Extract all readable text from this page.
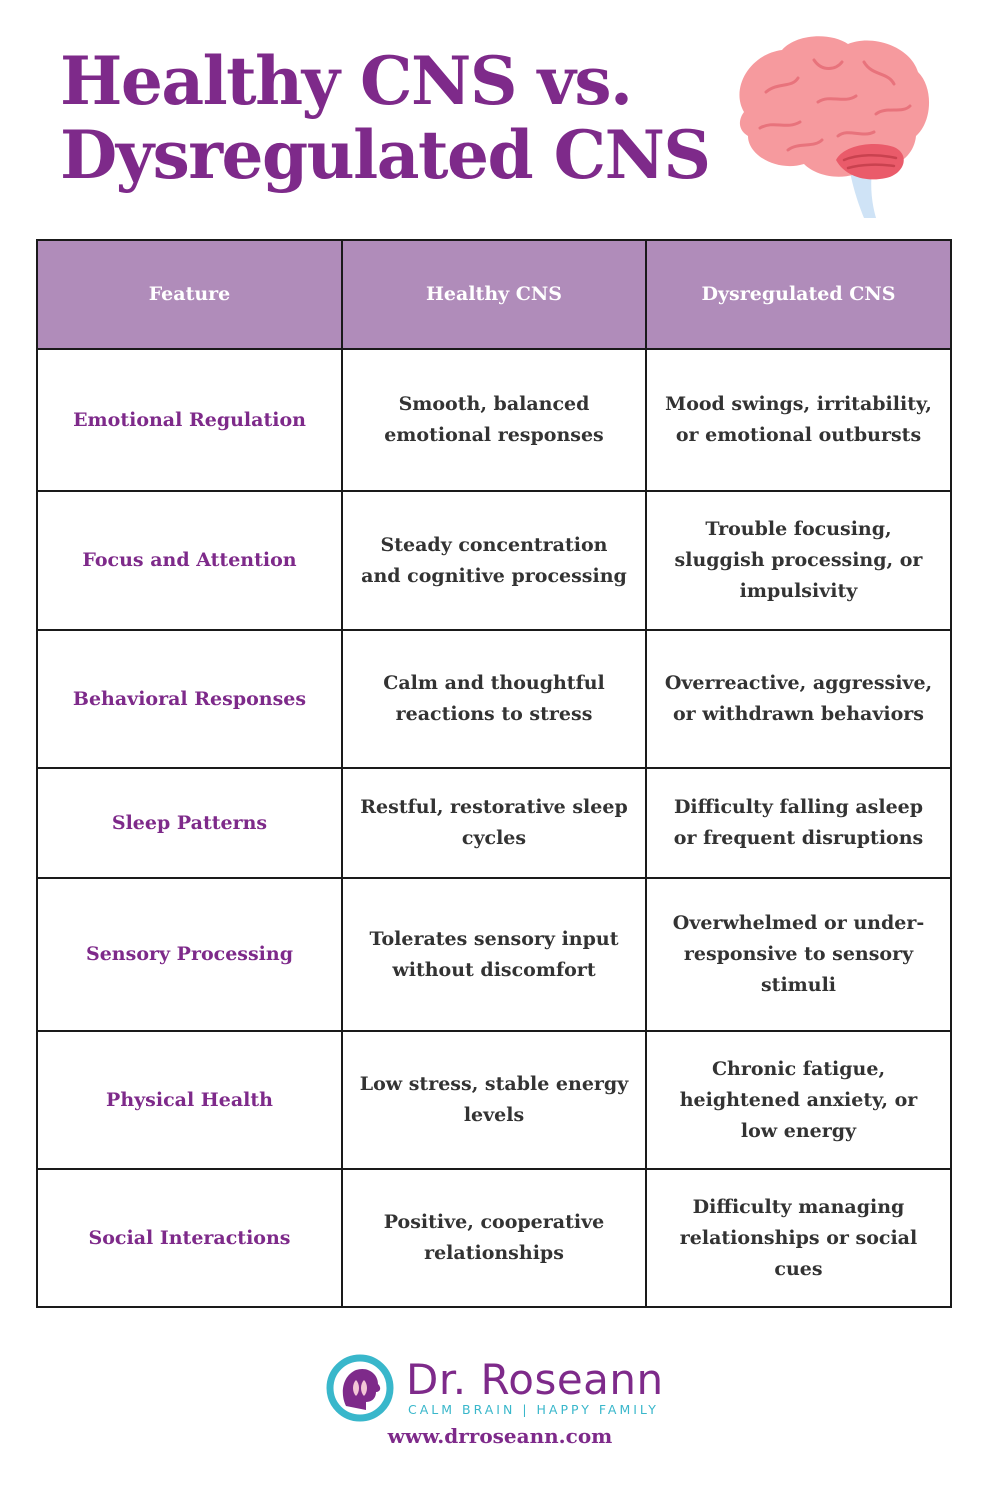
Healthy CNS vs.
Dysregulated CNS
Feature	Healthy CNS	Dysregulated CNS
Emotional Regulation	Smooth, balanced emotional responses	Mood swings, irritability, or emotional outbursts
Focus and Attention	Steady concentration and cognitive processing	Trouble focusing, sluggish processing, or impulsivity
Behavioral Responses	Calm and thoughtful reactions to stress	Overreactive, aggressive, or withdrawn behaviors
Sleep Patterns	Restful, restorative sleep cycles	Difficulty falling asleep or frequent disruptions
Sensory Processing	Tolerates sensory input without discomfort	Overwhelmed or under-responsive to sensory stimuli
Physical Health	Low stress, stable energy levels	Chronic fatigue, heightened anxiety, or low energy
Social Interactions	Positive, cooperative relationships	Difficulty managing relationships or social cues
Dr. Roseann
CALM BRAIN | HAPPY FAMILY
www.drroseann.com
